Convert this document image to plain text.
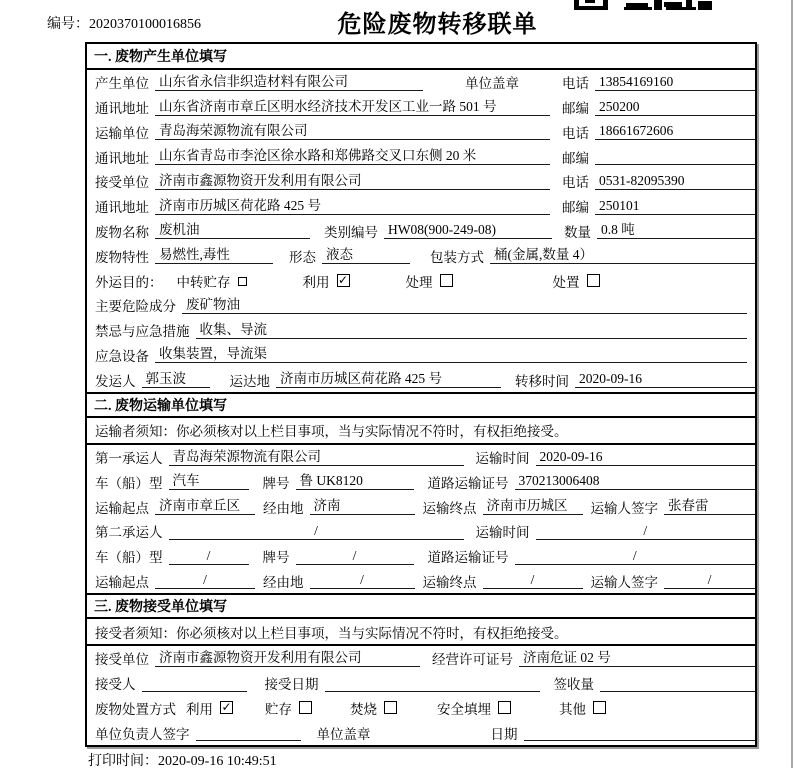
编号：2020370100016856	危险废物转移联单
一. 废物产生单位填写
产生单位 山东省永信非织造材料有限公司	单位盖章	电话 13854169160
通讯地址 山东省济南市章丘区明水经济技术开发区工业一路 501 号	邮编 250200
运输单位 青岛海荣源物流有限公司	电话 18661672606
通讯地址 山东省青岛市李沧区徐水路和郑佛路交叉口东侧 20 米	邮编
接受单位 济南市鑫源物资开发利用有限公司	电话 0531-82095390
通讯地址 济南市历城区荷花路 425 号	邮编 250101
废物名称 废机油	类别编号 HW08(900-249-08)	数量 0.8 吨
废物特性 易燃性,毒性	形态 液态	包装方式 桶(金属,数量 4）
外运目的： 中转贮存	利用 ✓	处理	处置
主要危险成分 废矿物油
禁忌与应急措施 收集、导流
应急设备 收集装置，导流渠
发运人 郭玉波	运达地 济南市历城区荷花路 425 号	转移时间 2020-09-16
二. 废物运输单位填写
运输者须知：你必须核对以上栏目事项，当与实际情况不符时，有权拒绝接受。
第一承运人 青岛海荣源物流有限公司	运输时间 2020-09-16
车（船）型 汽车	牌号 鲁 UK8120	道路运输证号 370213006408
运输起点 济南市章丘区	经由地 济南	运输终点 济南市历城区	运输人签字 张春雷
第二承运人	/	运输时间	/
车（船）型	/	牌号	/	道路运输证号	/
运输起点	/	经由地	/	运输终点	/	运输人签字	/
三. 废物接受单位填写
接受者须知：你必须核对以上栏目事项，当与实际情况不符时，有权拒绝接受。
接受单位 济南市鑫源物资开发利用有限公司	经营许可证号 济南危证 02 号
接受人	接受日期	签收量
废物处置方式 利用 ✓ 贮存	焚烧	安全填埋	其他
单位负责人签字	单位盖章	日期
打印时间：2020-09-16 10:49:51
